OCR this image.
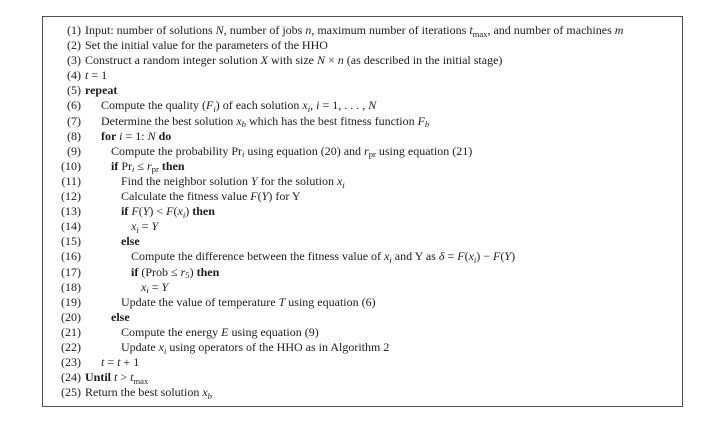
(1) Input: number of solutions N, number of jobs n, maximum number of iterations $t_{max}$, and number of machines m
(2) Set the initial value for the parameters of the HHO
(3) Construct a random integer solution X with size N × n (as described in the initial stage)
(4) t = 1
(5) repeat
(6) Compute the quality $(F_i)$ of each solution $x_i$, i = 1, . . . , N
(7) Determine the best solution $x_b$ which has the best fitness function $F_b$
(8) for i = 1: N do
(9)	Compute the probability $Pr_i$ using equation (20) and $r_{pr}$ using equation (21)
(10)	if $Pr_i \le r_{pr}$ then
(11)	Find the neighbor solution Y for the solution $x_i$
(12)	Calculate the fitness value F(Y) for Y
(13)	if $F(Y) < F(x_i)$ then
(14)	$x_i = Y$
(15)	else
(16)	Compute the difference between the fitness value of $x_i$ and Y as $\delta = F(x_i) - F(Y)$
(17)	if (Prob ≤ $r_5$) then
(18)	$x_i = Y$
(19)	Update the value of temperature T using equation (6)
(20)	else
(21)	Compute the energy E using equation (9)
(22)	Update $x_i$ using operators of the HHO as in Algorithm 2
(23) t = t + 1
(24) Until $t > t_{max}$
(25) Return the best solution $x_b$
